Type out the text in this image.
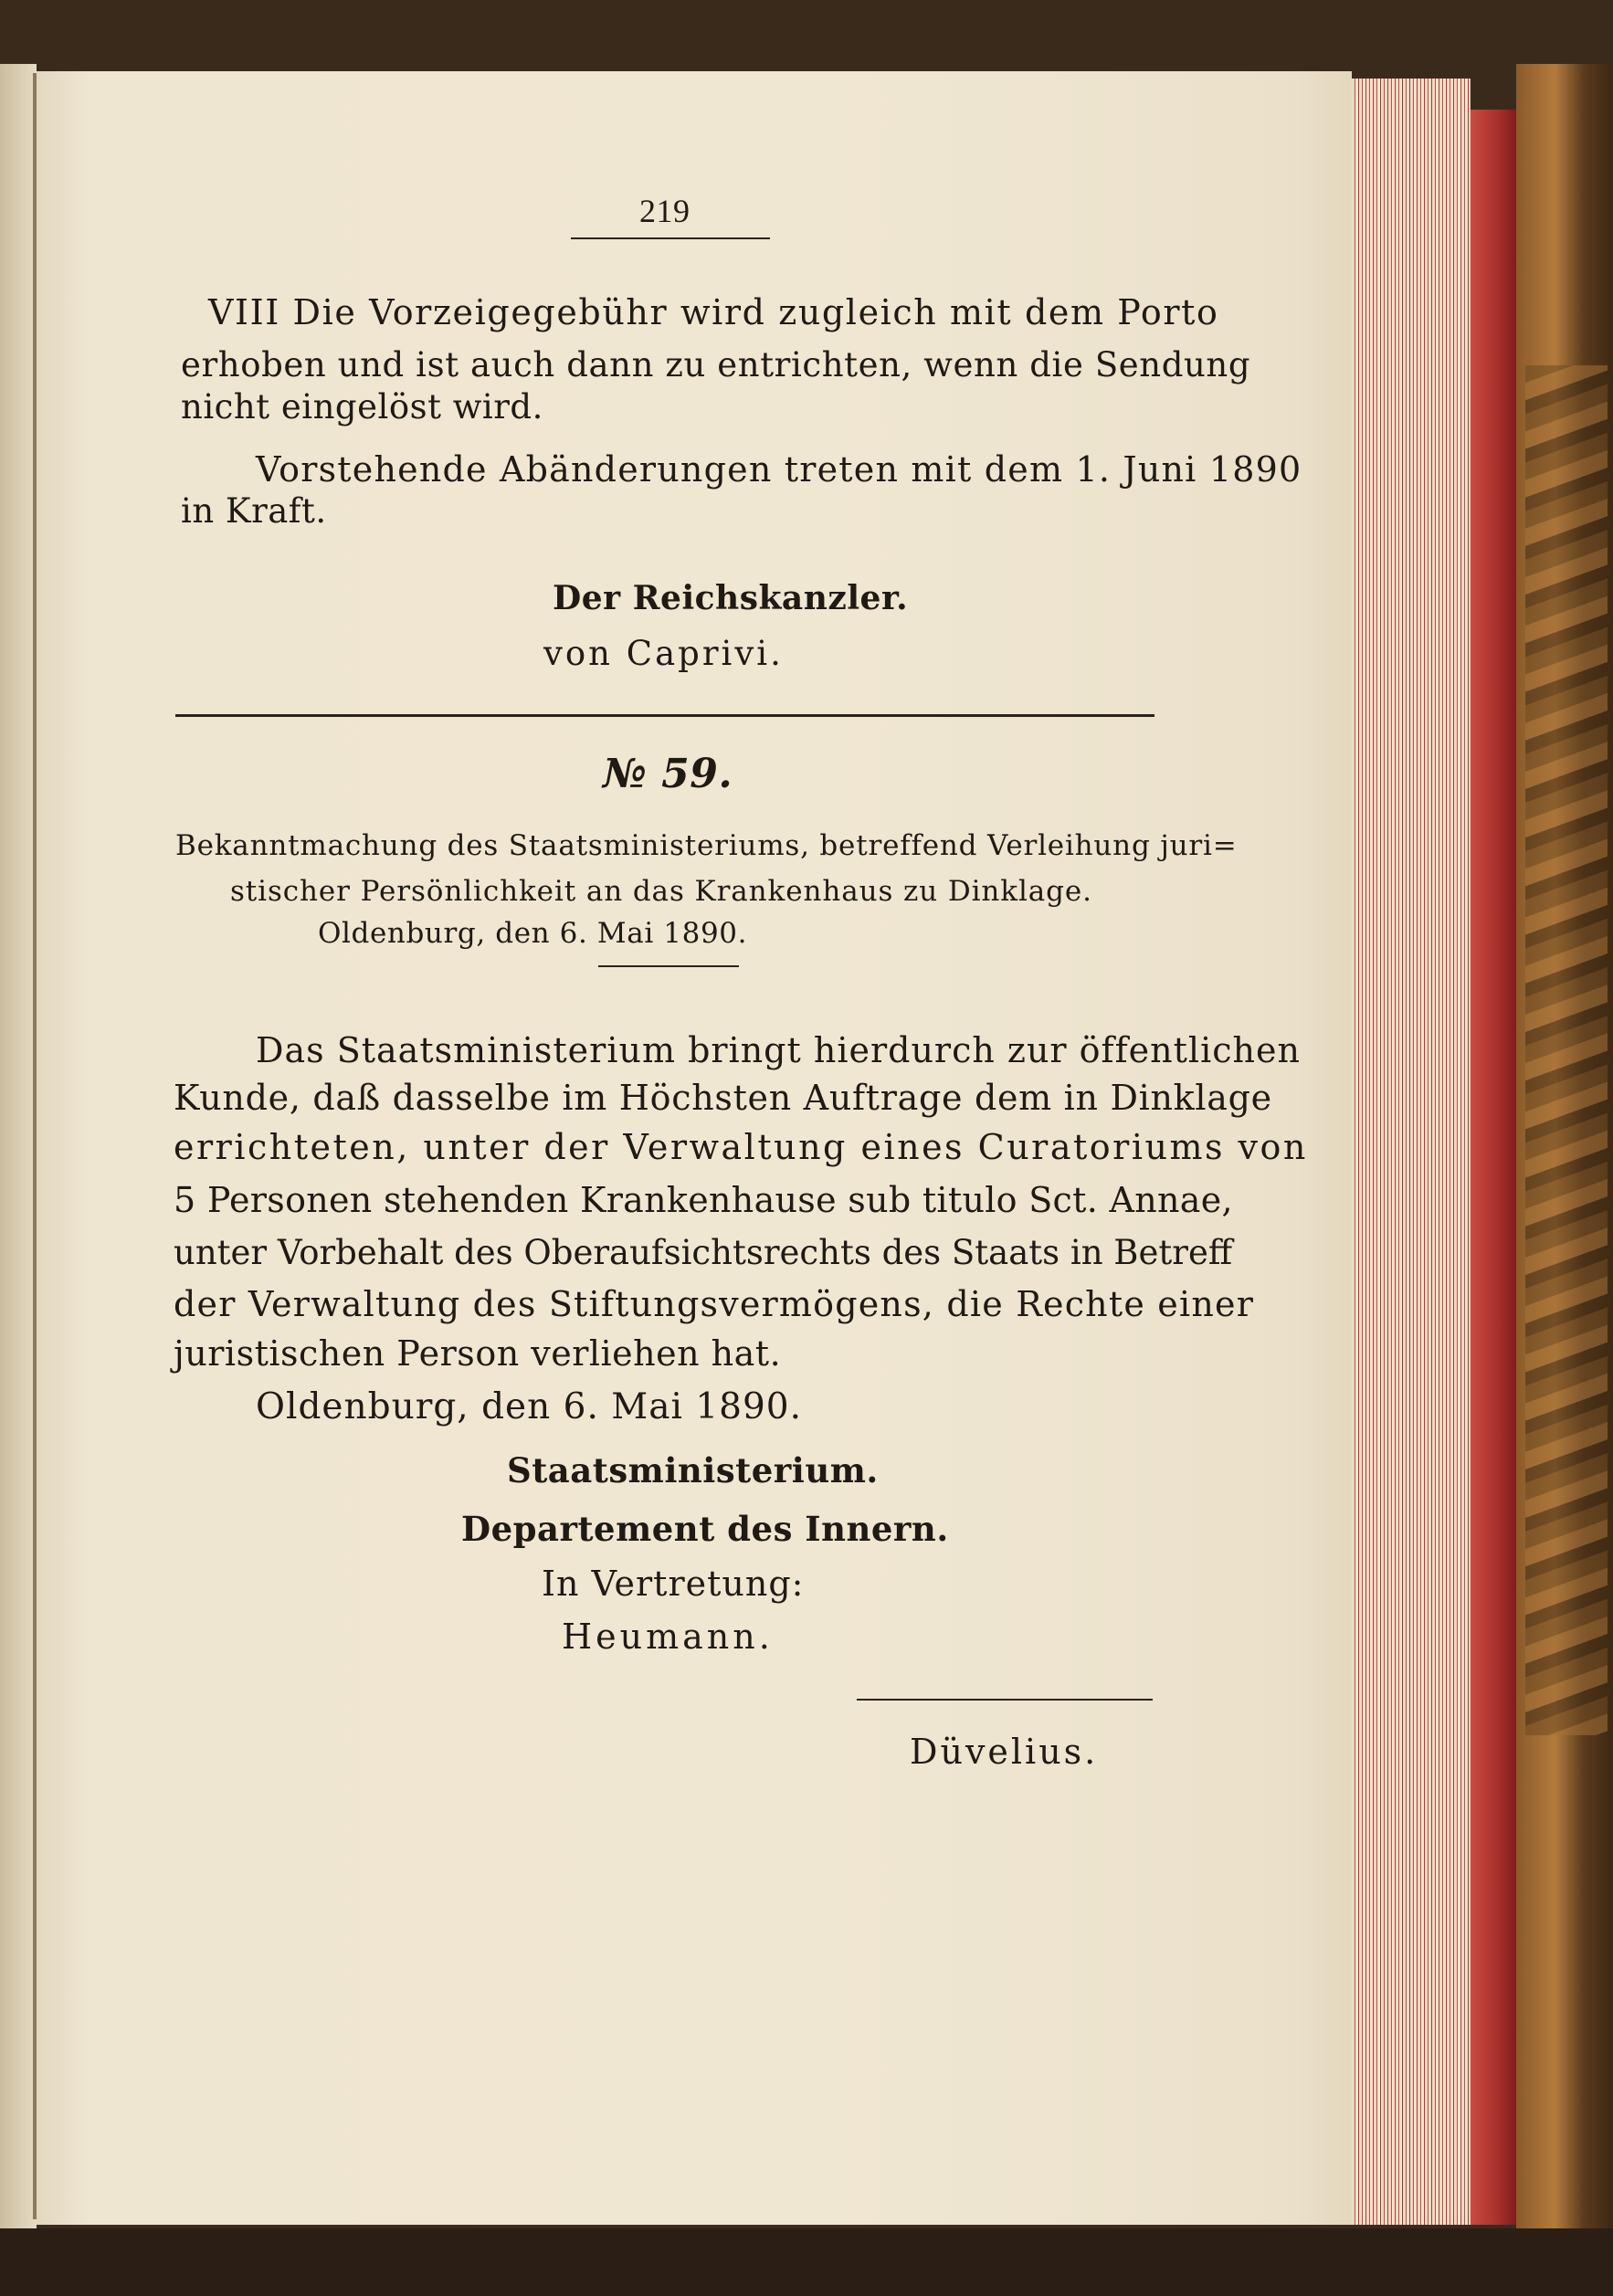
219
VIII Die Vorzeigegebühr wird zugleich mit dem Porto
erhoben und ist auch dann zu entrichten, wenn die Sendung
nicht eingelöst wird.
Vorstehende Abänderungen treten mit dem 1. Juni 1890
in Kraft.
Der Reichskanzler.
von Caprivi.
№ 59.
Bekanntmachung des Staatsministeriums, betreffend Verleihung juri=
stischer Persönlichkeit an das Krankenhaus zu Dinklage.
Oldenburg, den 6. Mai 1890.
Das Staatsministerium bringt hierdurch zur öffentlichen
Kunde, daß dasselbe im Höchsten Auftrage dem in Dinklage
errichteten, unter der Verwaltung eines Curatoriums von
5 Personen stehenden Krankenhause sub titulo Sct. Annae,
unter Vorbehalt des Oberaufsichtsrechts des Staats in Betreff
der Verwaltung des Stiftungsvermögens, die Rechte einer
juristischen Person verliehen hat.
Oldenburg, den 6. Mai 1890.
Staatsministerium.
Departement des Innern.
In Vertretung:
Heumann.
Düvelius.
